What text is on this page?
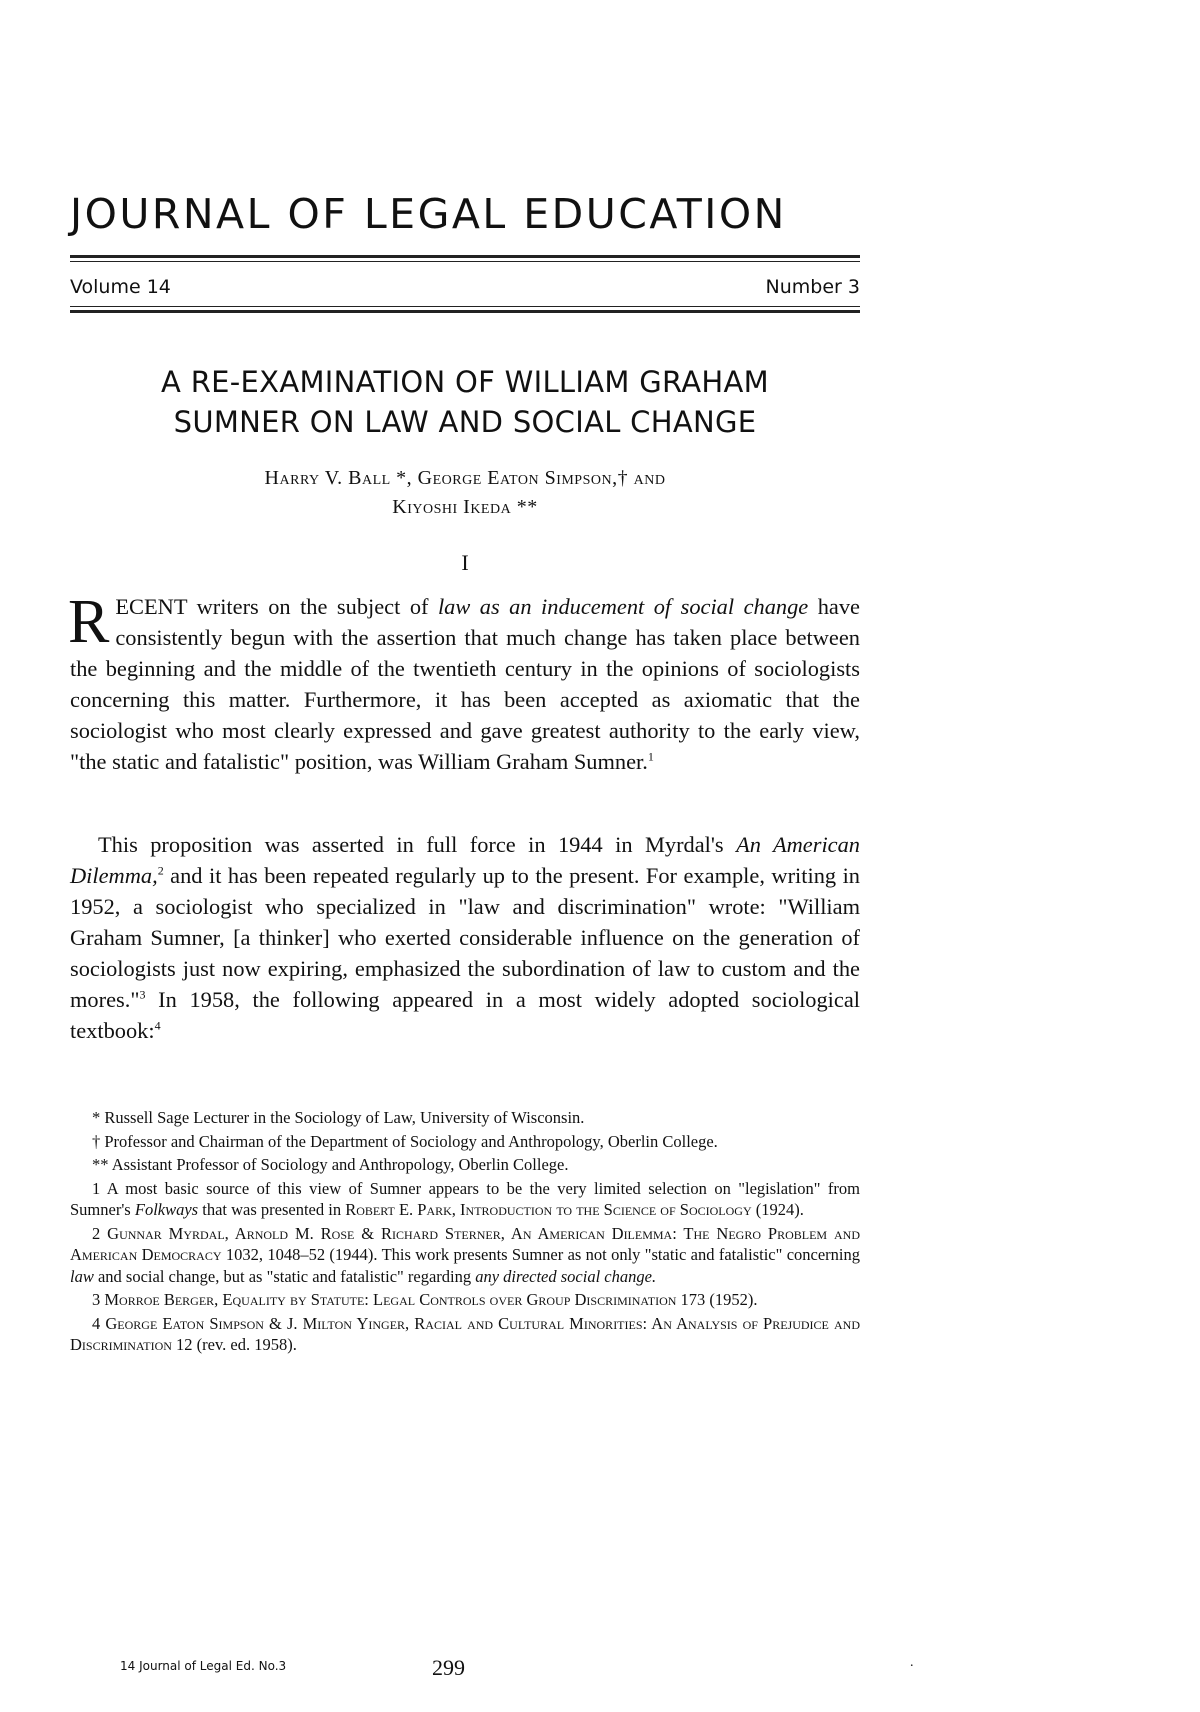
JOURNAL OF LEGAL EDUCATION
Volume 14	Number 3
A RE-EXAMINATION OF WILLIAM GRAHAM
SUMNER ON LAW AND SOCIAL CHANGE
Harry V. Ball *, George Eaton Simpson,† and
Kiyoshi Ikeda **
I
RECENT writers on the subject of law as an inducement of social change have consistently begun with the assertion that much change has taken place between the beginning and the middle of the twentieth century in the opinions of sociologists concerning this matter. Furthermore, it has been accepted as axiomatic that the sociologist who most clearly expressed and gave greatest authority to the early view, "the static and fatalistic" position, was William Graham Sumner.$^1$
This proposition was asserted in full force in 1944 in Myrdal's An American Dilemma,$^2$ and it has been repeated regularly up to the present. For example, writing in 1952, a sociologist who specialized in "law and discrimination" wrote: "William Graham Sumner, [a thinker] who exerted considerable influence on the generation of sociologists just now expiring, emphasized the subordination of law to custom and the mores."$^3$ In 1958, the following appeared in a most widely adopted sociological textbook:$^4$

* Russell Sage Lecturer in the Sociology of Law, University of Wisconsin.

† Professor and Chairman of the Department of Sociology and Anthropology, Oberlin College.

** Assistant Professor of Sociology and Anthropology, Oberlin College.

1 A most basic source of this view of Sumner appears to be the very limited selection on "legislation" from Sumner's Folkways that was presented in Robert E. Park, Introduction to the Science of Sociology (1924).

2 Gunnar Myrdal, Arnold M. Rose & Richard Sterner, An American Dilemma: The Negro Problem and American Democracy 1032, 1048–52 (1944). This work presents Sumner as not only "static and fatalistic" concerning law and social change, but as "static and fatalistic" regarding any directed social change.

3 Morroe Berger, Equality by Statute: Legal Controls over Group Discrimination 173 (1952).

4 George Eaton Simpson & J. Milton Yinger, Racial and Cultural Minorities: An Analysis of Prejudice and Discrimination 12 (rev. ed. 1958).

14 Journal of Legal Ed. No.3	299	.
